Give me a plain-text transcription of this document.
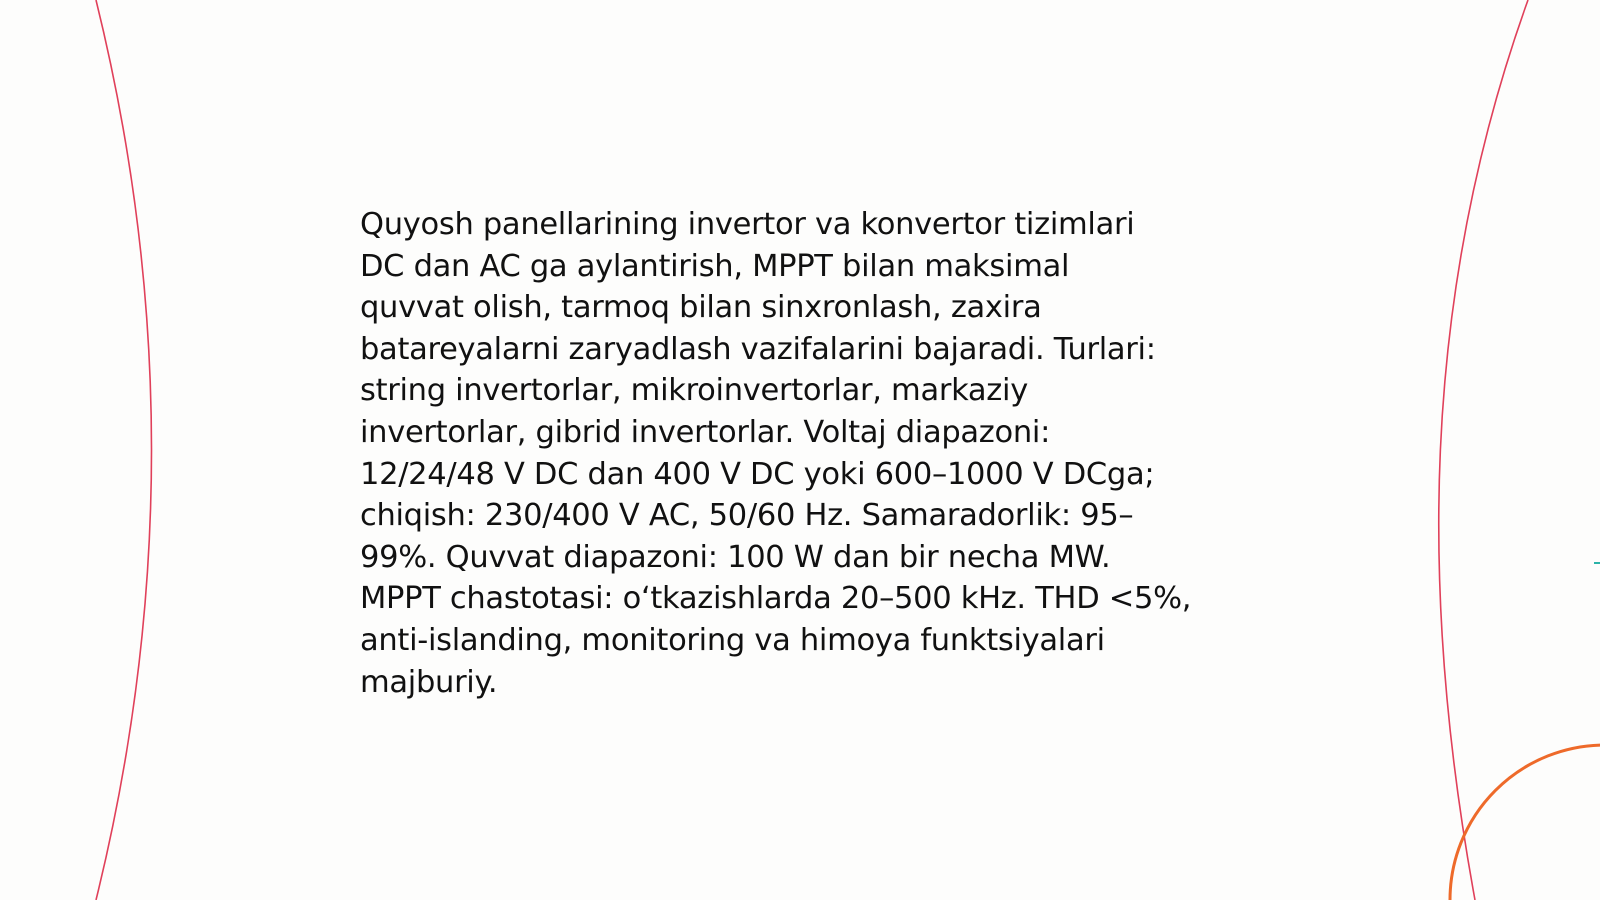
Quyosh panellarining invertor va konvertor tizimlari
DC dan AC ga aylantirish, MPPT bilan maksimal
quvvat olish, tarmoq bilan sinxronlash, zaxira
batareyalarni zaryadlash vazifalarini bajaradi. Turlari:
string invertorlar, mikroinvertorlar, markaziy
invertorlar, gibrid invertorlar. Voltaj diapazoni:
12/24/48 V DC dan 400 V DC yoki 600–1000 V DCga;
chiqish: 230/400 V AC, 50/60 Hz. Samaradorlik: 95–
99%. Quvvat diapazoni: 100 W dan bir necha MW.
MPPT chastotasi: oʻtkazishlarda 20–500 kHz. THD <5%,
anti-islanding, monitoring va himoya funktsiyalari
majburiy.
